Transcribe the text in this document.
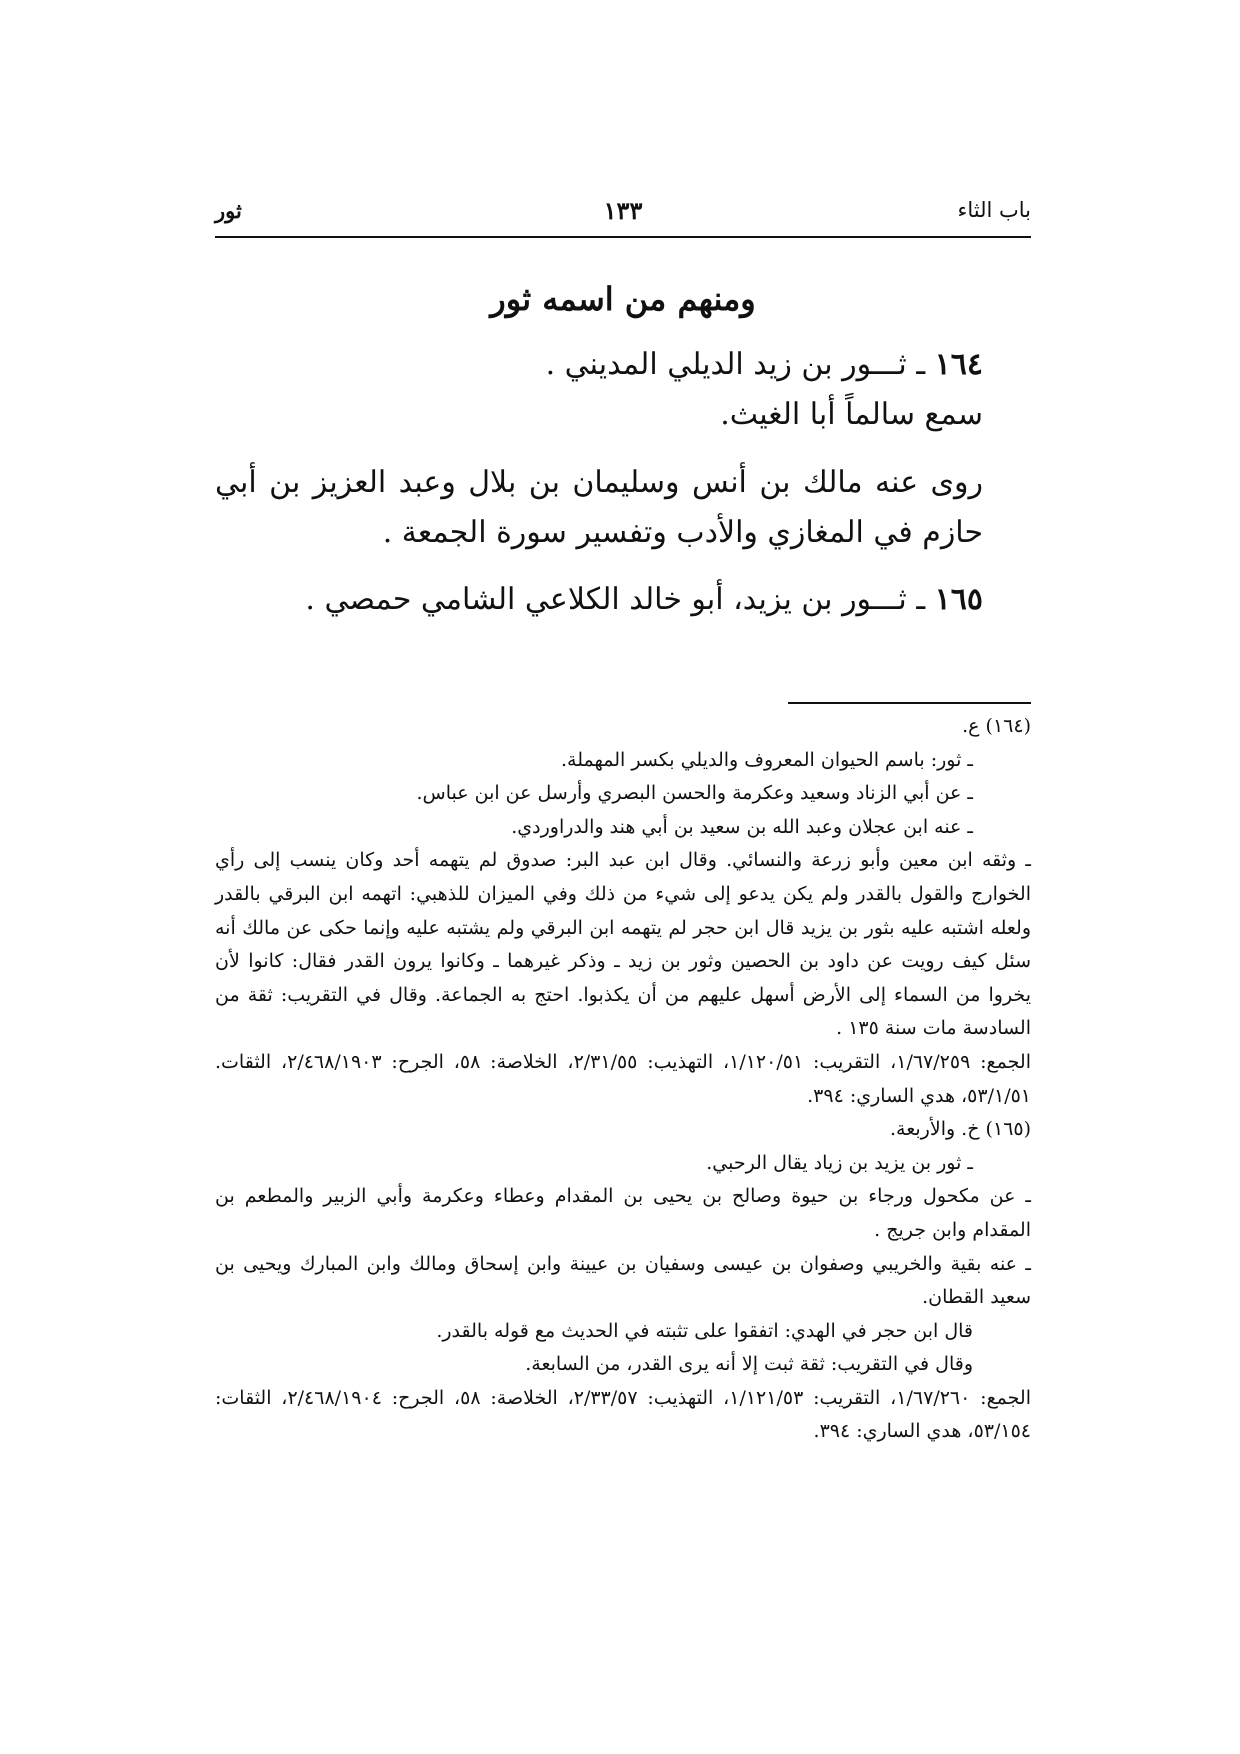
باب الثاء
١٣٣
ثور
ومنهم من اسمه ثور

١٦٤ ـ ثـــور بن زيد الديلي المديني .

سمع سالماً أبا الغيث.

روى عنه مالك بن أنس وسليمان بن بلال وعبد العزيز بن أبي حازم في المغازي والأدب وتفسير سورة الجمعة .

١٦٥ ـ ثـــور بن يزيد، أبو خالد الكلاعي الشامي حمصي .

(١٦٤) ع.

ـ ثور: باسم الحيوان المعروف والديلي بكسر المهملة.

ـ عن أبي الزناد وسعيد وعكرمة والحسن البصري وأرسل عن ابن عباس.

ـ عنه ابن عجلان وعبد الله بن سعيد بن أبي هند والدراوردي.

ـ وثقه ابن معين وأبو زرعة والنسائي. وقال ابن عبد البر: صدوق لم يتهمه أحد وكان ينسب إلى رأي الخوارج والقول بالقدر ولم يكن يدعو إلى شيء من ذلك وفي الميزان للذهبي: اتهمه ابن البرقي بالقدر ولعله اشتبه عليه بثور بن يزيد قال ابن حجر لم يتهمه ابن البرقي ولم يشتبه عليه وإنما حكى عن مالك أنه سئل كيف رويت عن داود بن الحصين وثور بن زيد ـ وذكر غيرهما ـ وكانوا يرون القدر فقال: كانوا لأن يخروا من السماء إلى الأرض أسهل عليهم من أن يكذبوا. احتج به الجماعة. وقال في التقريب: ثقة من السادسة مات سنة ١٣٥ .

الجمع: ١/٦٧/٢٥٩، التقريب: ١/١٢٠/٥١، التهذيب: ٢/٣١/٥٥، الخلاصة: ٥٨، الجرح: ٢/٤٦٨/١٩٠٣، الثقات. ٥٣/١/٥١، هدي الساري: ٣٩٤.

(١٦٥) خ. والأربعة.

ـ ثور بن يزيد بن زياد يقال الرحبي.

ـ عن مكحول ورجاء بن حيوة وصالح بن يحيى بن المقدام وعطاء وعكرمة وأبي الزبير والمطعم بن المقدام وابن جريج .

ـ عنه بقية والخريبي وصفوان بن عيسى وسفيان بن عيينة وابن إسحاق ومالك وابن المبارك ويحيى بن سعيد القطان.

قال ابن حجر في الهدي: اتفقوا على تثبته في الحديث مع قوله بالقدر.

وقال في التقريب: ثقة ثبت إلا أنه يرى القدر، من السابعة.

الجمع: ١/٦٧/٢٦٠، التقريب: ١/١٢١/٥٣، التهذيب: ٢/٣٣/٥٧، الخلاصة: ٥٨، الجرح: ٢/٤٦٨/١٩٠٤، الثقات: ٥٣/١٥٤، هدي الساري: ٣٩٤.
